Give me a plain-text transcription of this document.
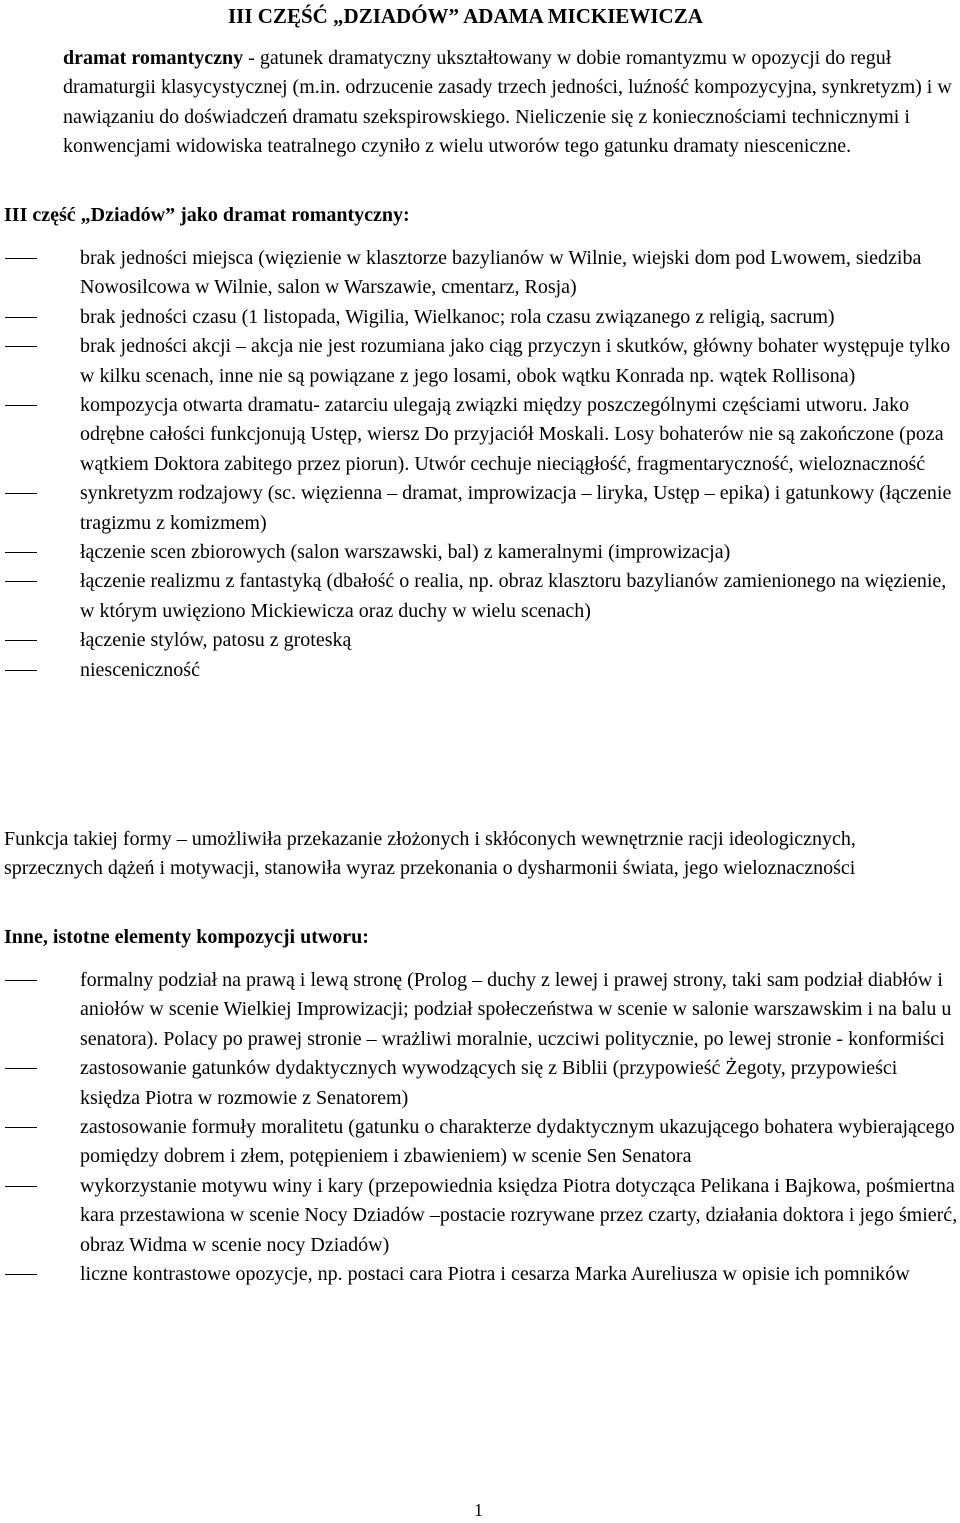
III CZĘŚĆ „DZIADÓW” ADAMA MICKIEWICZA
dramat romantyczny - gatunek dramatyczny ukształtowany w dobie romantyzmu w opozycji do reguł dramaturgii klasycystycznej (m.in. odrzucenie zasady trzech jedności, luźność kompozycyjna, synkretyzm) i w nawiązaniu do doświadczeń dramatu szekspirowskiego. Nieliczenie się z koniecznościami technicznymi i konwencjami widowiska teatralnego czyniło z wielu utworów tego gatunku dramaty niesceniczne.
III część „Dziadów” jako dramat romantyczny:
brak jedności miejsca (więzienie w klasztorze bazylianów w Wilnie, wiejski dom pod Lwowem, siedziba Nowosilcowa w Wilnie, salon w Warszawie, cmentarz, Rosja)
brak jedności czasu (1 listopada, Wigilia, Wielkanoc; rola czasu związanego z religią, sacrum)
brak jedności akcji – akcja nie jest rozumiana jako ciąg przyczyn i skutków, główny bohater występuje tylko w kilku scenach, inne nie są powiązane z jego losami, obok wątku Konrada np. wątek Rollisona)
kompozycja otwarta dramatu- zatarciu ulegają związki między poszczególnymi częściami utworu. Jako odrębne całości funkcjonują Ustęp, wiersz Do przyjaciół Moskali. Losy bohaterów nie są zakończone (poza wątkiem Doktora zabitego przez piorun). Utwór cechuje nieciągłość, fragmentaryczność, wieloznaczność
synkretyzm rodzajowy (sc. więzienna – dramat, improwizacja – liryka, Ustęp – epika) i gatunkowy (łączenie tragizmu z komizmem)
łączenie scen zbiorowych (salon warszawski, bal) z kameralnymi (improwizacja)
łączenie realizmu z fantastyką (dbałość o realia, np. obraz klasztoru bazylianów zamienionego na więzienie, w którym uwięziono Mickiewicza oraz duchy w wielu scenach)
łączenie stylów, patosu z groteską
niesceniczność
Funkcja takiej formy – umożliwiła przekazanie złożonych i skłóconych wewnętrznie racji ideologicznych, sprzecznych dążeń i motywacji, stanowiła wyraz przekonania o dysharmonii świata, jego wieloznaczności
Inne, istotne elementy kompozycji utworu:
formalny podział na prawą i lewą stronę (Prolog – duchy z lewej i prawej strony, taki sam podział diabłów i aniołów w scenie Wielkiej Improwizacji; podział społeczeństwa w scenie w salonie warszawskim i na balu u senatora). Polacy po prawej stronie – wrażliwi moralnie, uczciwi politycznie, po lewej stronie - konformiści
zastosowanie gatunków dydaktycznych wywodzących się z Biblii (przypowieść Żegoty, przypowieści księdza Piotra w rozmowie z Senatorem)
zastosowanie formuły moralitetu (gatunku o charakterze dydaktycznym ukazującego bohatera wybierającego pomiędzy dobrem i złem, potępieniem i zbawieniem) w scenie Sen Senatora
wykorzystanie motywu winy i kary (przepowiednia księdza Piotra dotycząca Pelikana i Bajkowa, pośmiertna kara przestawiona w scenie Nocy Dziadów –postacie rozrywane przez czarty, działania doktora i jego śmierć, obraz Widma w scenie nocy Dziadów)
liczne kontrastowe opozycje, np. postaci cara Piotra i cesarza Marka Aureliusza w opisie ich pomników
1
